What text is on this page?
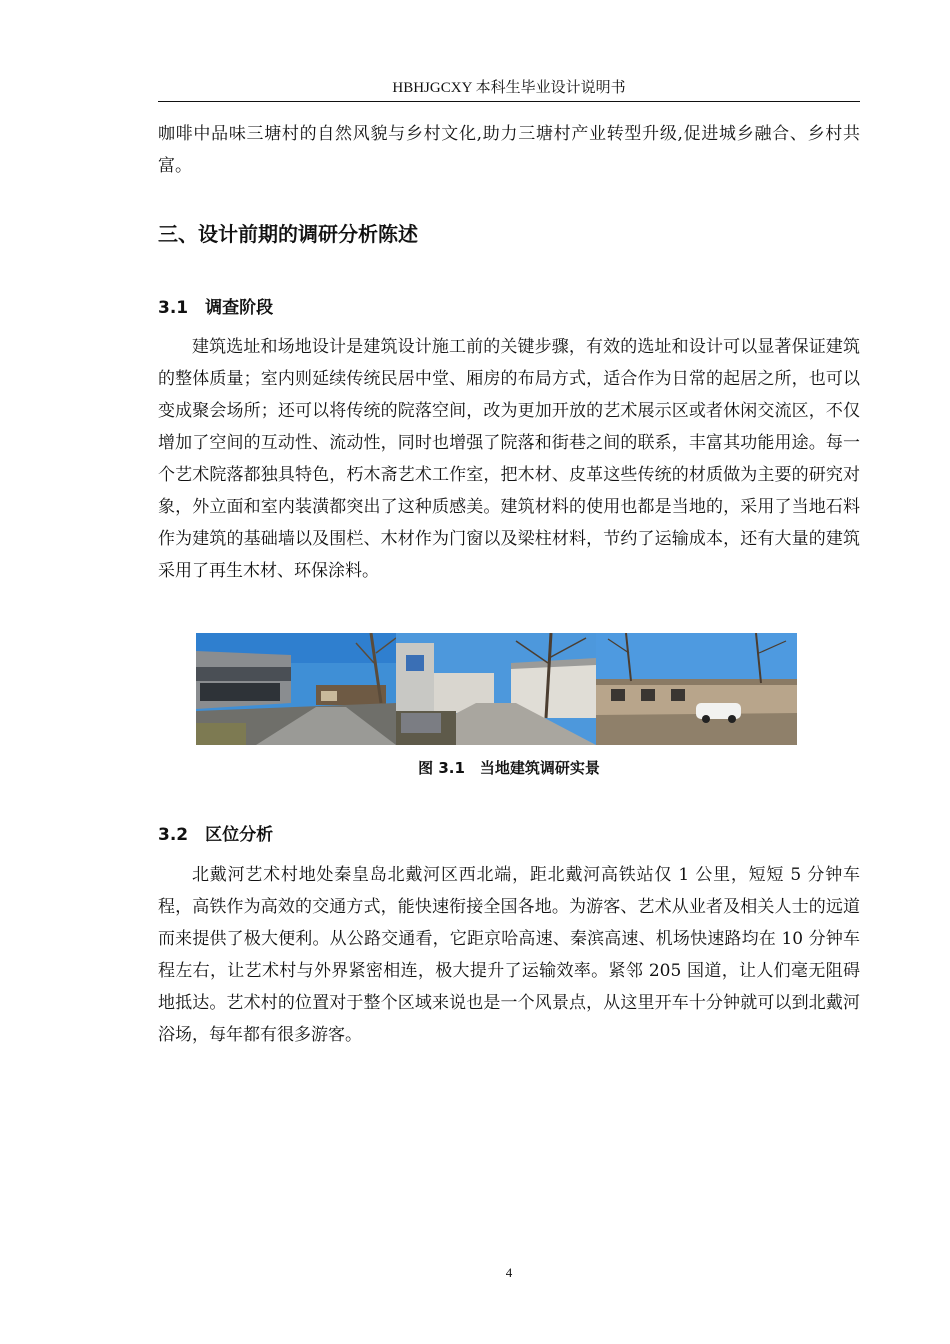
HBHJGCXY 本科生毕业设计说明书

咖啡中品味三塘村的自然风貌与乡村文化,助力三塘村产业转型升级,促进城乡融合、乡村共富。

三、设计前期的调研分析陈述
3.1　调查阶段

建筑选址和场地设计是建筑设计施工前的关键步骤，有效的选址和设计可以显著保证建筑的整体质量；室内则延续传统民居中堂、厢房的布局方式，适合作为日常的起居之所，也可以变成聚会场所；还可以将传统的院落空间，改为更加开放的艺术展示区或者休闲交流区，不仅增加了空间的互动性、流动性，同时也增强了院落和街巷之间的联系，丰富其功能用途。每一个艺术院落都独具特色，朽木斋艺术工作室，把木材、皮革这些传统的材质做为主要的研究对象，外立面和室内装潢都突出了这种质感美。建筑材料的使用也都是当地的，采用了当地石料作为建筑的基础墙以及围栏、木材作为门窗以及梁柱材料，节约了运输成本，还有大量的建筑采用了再生木材、环保涂料。

图 3.1　当地建筑调研实景
3.2　区位分析

北戴河艺术村地处秦皇岛北戴河区西北端，距北戴河高铁站仅 1 公里，短短 5 分钟车程，高铁作为高效的交通方式，能快速衔接全国各地。为游客、艺术从业者及相关人士的远道而来提供了极大便利。从公路交通看，它距京哈高速、秦滨高速、机场快速路均在 10 分钟车程左右，让艺术村与外界紧密相连，极大提升了运输效率。紧邻 205 国道，让人们毫无阻碍地抵达。艺术村的位置对于整个区域来说也是一个风景点，从这里开车十分钟就可以到北戴河浴场，每年都有很多游客。

4
